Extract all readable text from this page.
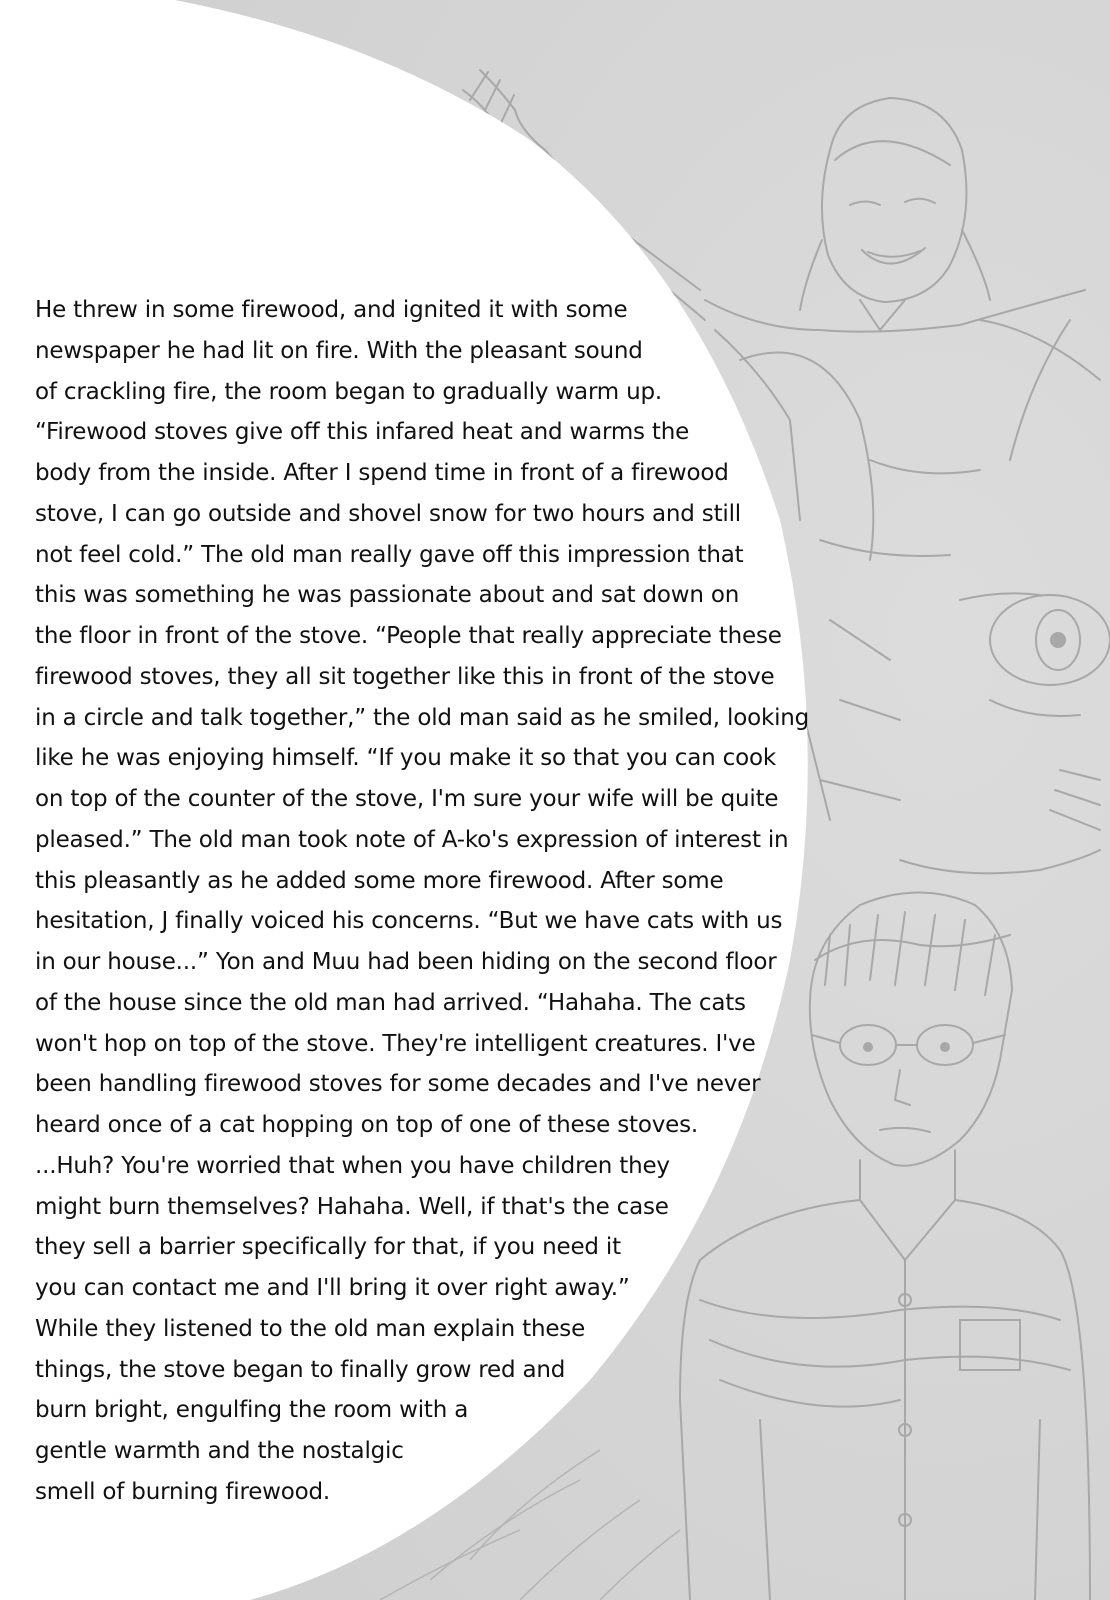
He threw in some firewood, and ignited it with some
newspaper he had lit on fire. With the pleasant sound
of crackling fire, the room began to gradually warm up.
“Firewood stoves give off this infared heat and warms the
body from the inside. After I spend time in front of a firewood
stove, I can go outside and shovel snow for two hours and still
not feel cold.” The old man really gave off this impression that
this was something he was passionate about and sat down on
the floor in front of the stove. “People that really appreciate these
firewood stoves, they all sit together like this in front of the stove
in a circle and talk together,” the old man said as he smiled, looking
like he was enjoying himself. “If you make it so that you can cook
on top of the counter of the stove, I'm sure your wife will be quite
pleased.” The old man took note of A-ko's expression of interest in
this pleasantly as he added some more firewood. After some
hesitation, J finally voiced his concerns. “But we have cats with us
in our house...” Yon and Muu had been hiding on the second floor
of the house since the old man had arrived. “Hahaha. The cats
won't hop on top of the stove. They're intelligent creatures. I've
been handling firewood stoves for some decades and I've never
heard once of a cat hopping on top of one of these stoves.
...Huh? You're worried that when you have children they
might burn themselves? Hahaha. Well, if that's the case
they sell a barrier specifically for that, if you need it
you can contact me and I'll bring it over right away.”
While they listened to the old man explain these
things, the stove began to finally grow red and
burn bright, engulfing the room with a
gentle warmth and the nostalgic
smell of burning firewood.
